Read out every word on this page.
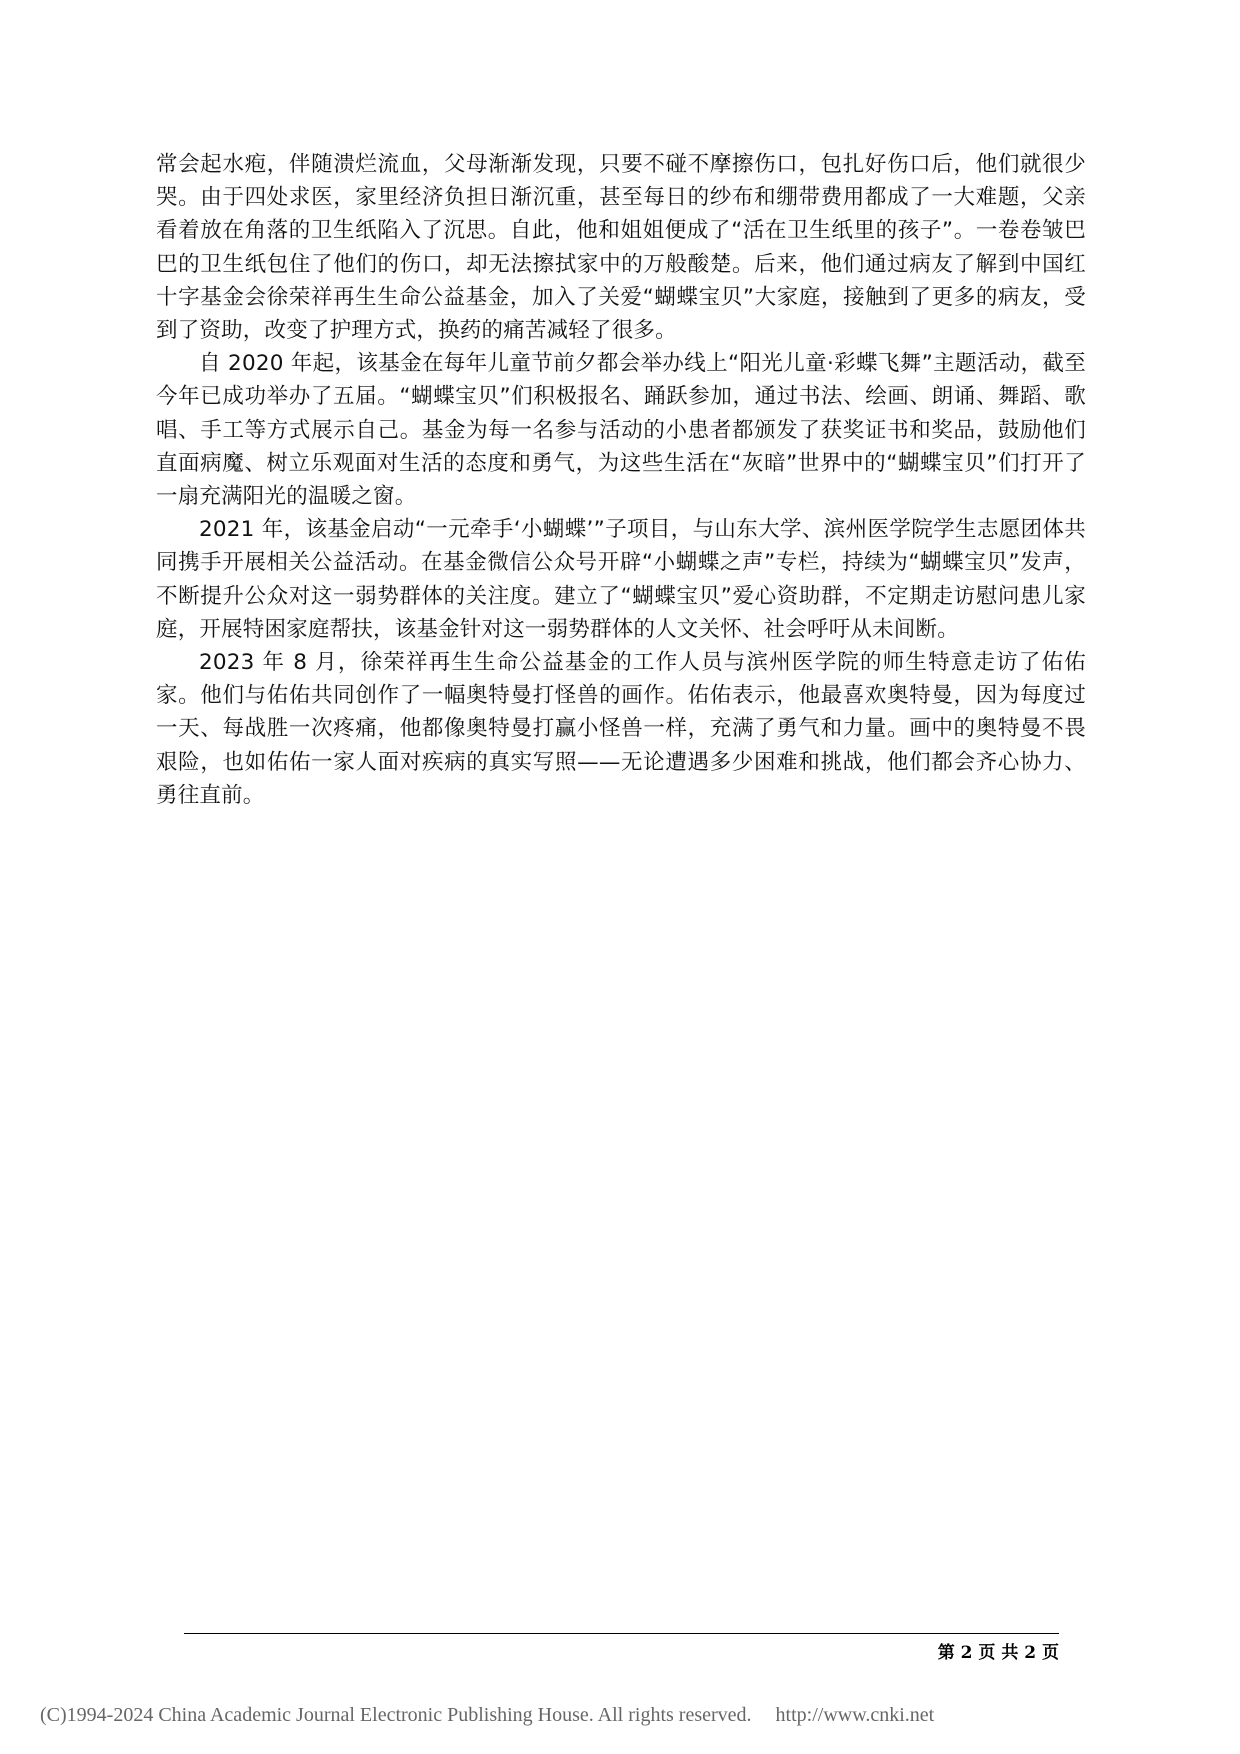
常会起水疱，伴随溃烂流血，父母渐渐发现，只要不碰不摩擦伤口，包扎好伤口后，他们就很少哭。由于四处求医，家里经济负担日渐沉重，甚至每日的纱布和绷带费用都成了一大难题，父亲看着放在角落的卫生纸陷入了沉思。自此，他和姐姐便成了“活在卫生纸里的孩子”。一卷卷皱巴巴的卫生纸包住了他们的伤口，却无法擦拭家中的万般酸楚。后来，他们通过病友了解到中国红十字基金会徐荣祥再生生命公益基金，加入了关爱“蝴蝶宝贝”大家庭，接触到了更多的病友，受到了资助，改变了护理方式，换药的痛苦减轻了很多。

自 2020 年起，该基金在每年儿童节前夕都会举办线上“阳光儿童·彩蝶飞舞”主题活动，截至今年已成功举办了五届。“蝴蝶宝贝”们积极报名、踊跃参加，通过书法、绘画、朗诵、舞蹈、歌唱、手工等方式展示自己。基金为每一名参与活动的小患者都颁发了获奖证书和奖品，鼓励他们直面病魔、树立乐观面对生活的态度和勇气，为这些生活在“灰暗”世界中的“蝴蝶宝贝”们打开了一扇充满阳光的温暖之窗。

2021 年，该基金启动“一元牵手‘小蝴蝶’”子项目，与山东大学、滨州医学院学生志愿团体共同携手开展相关公益活动。在基金微信公众号开辟“小蝴蝶之声”专栏，持续为“蝴蝶宝贝”发声，不断提升公众对这一弱势群体的关注度。建立了“蝴蝶宝贝”爱心资助群，不定期走访慰问患儿家庭，开展特困家庭帮扶，该基金针对这一弱势群体的人文关怀、社会呼吁从未间断。

2023 年 8 月，徐荣祥再生生命公益基金的工作人员与滨州医学院的师生特意走访了佑佑家。他们与佑佑共同创作了一幅奥特曼打怪兽的画作。佑佑表示，他最喜欢奥特曼，因为每度过一天、每战胜一次疼痛，他都像奥特曼打赢小怪兽一样，充满了勇气和力量。画中的奥特曼不畏艰险，也如佑佑一家人面对疾病的真实写照——无论遭遇多少困难和挑战，他们都会齐心协力、勇往直前。

第 2 页 共 2 页
(C)1994-2024 China Academic Journal Electronic Publishing House. All rights reserved. http://www.cnki.net
